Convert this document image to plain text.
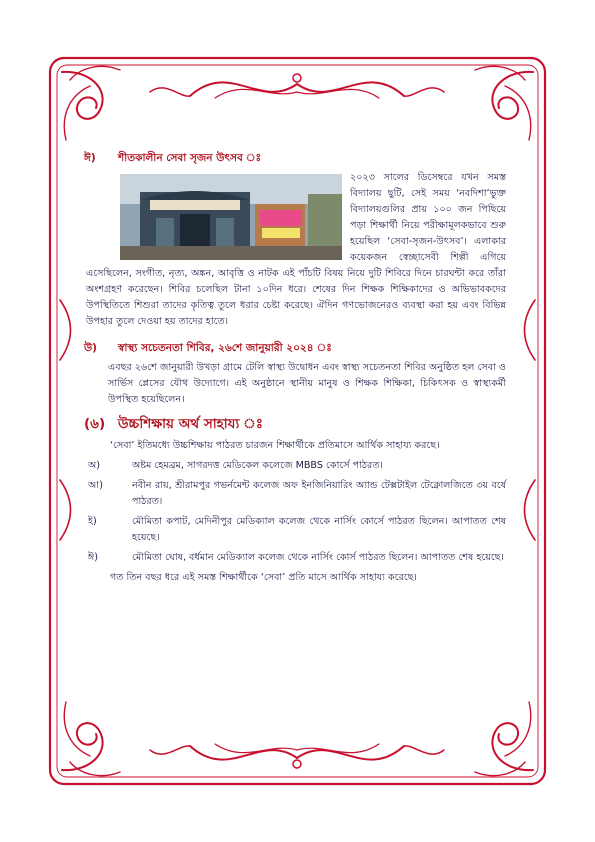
ঈ) শীতকালীন সেবা সৃজন উৎসব ঃ
২০২৩ সালের ডিসেম্বরে যখন সমস্ত বিদ্যালয় ছুটি, সেই সময় ‘নবদিশা’ভুক্ত বিদ্যালয়গুলির প্রায় ১০০ জন পিছিয়ে পড়া শিক্ষার্থী নিয়ে পরীক্ষামূলকভাবে শুরু হয়েছিল ‘সেবা-সৃজন-উৎসব’। এলাকার কয়েকজন স্বেচ্ছাসেবী শিল্পী এগিয়ে এসেছিলেন, সংগীত, নৃত্য, অঙ্কন, আবৃত্তি ও নাটক এই পাঁচটি বিষয় নিয়ে দুটি শিবিরে দিনে চারঘন্টা করে তাঁরা অংশগ্রহণ করেছেন। শিবির চলেছিল টানা ১০দিন ধরে। শেষের দিন শিক্ষক শিক্ষিকাদের ও অভিভাবকদের উপস্থিতিতে শিশুরা তাদের কৃতিত্ব তুলে ধরার চেষ্টা করেছে। ঐদিন গণভোজনেরও ব্যবস্থা করা হয় এবং বিভিন্ন উপহার তুলে দেওয়া হয় তাদের হাতে।
উ) স্বাস্থ্য সচেতনতা শিবির, ২৬শে জানুয়ারী ২০২৪ ঃ
এবছর ২৬শে জানুয়ারী উখড়া গ্রামে টেলি স্বাস্থ্য উদ্বোধন এবং স্বাস্থ্য সচেতনতা শিবির অনুষ্ঠিত হল সেবা ও সার্ভিস প্লেসের যৌথ উদ্যোগে। এই অনুষ্ঠানে স্থানীয় মানুষ ও শিক্ষক শিক্ষিকা, চিকিৎসক ও স্বাস্থ্যকর্মী উপস্থিত হয়েছিলেন।
(৬) উচ্চশিক্ষায় অর্থ সাহায্য ঃ
‘সেবা’ ইতিমধ্যে উচ্চশিক্ষায় পাঠরত চারজন শিক্ষার্থীকে প্রতিমাসে আর্থিক সাহায্য করছে।
অ)	অষ্টম হেমব্রম, সাগরদত্ত মেডিকেল কলেজে MBBS কোর্সে পাঠরত।
আ)	নবীন রায়, শ্রীরামপুর গভর্নমেন্ট কলেজ অফ ইনজিনিয়ারিং অ্যান্ড টেক্সটাইল টেক্নোলজিতে ৩য় বর্ষে পাঠরত।
ই)	মৌমিতা কপাট, মেদিনীপুর মেডিক্যাল কলেজ থেকে নার্সিং কোর্সে পাঠরত ছিলেন। আপাতত শেষ হয়েছে।
ঈ)	মৌমিতা ঘোষ, বর্ধমান মেডিক্যাল কলেজ থেকে নার্সিং কোর্স পাঠরত ছিলেন। আপাতত শেষ হয়েছে।
গত তিন বছর ধরে এই সমস্ত শিক্ষার্থীকে ‘সেবা’ প্রতি মাসে আর্থিক সাহায্য করেছে।
